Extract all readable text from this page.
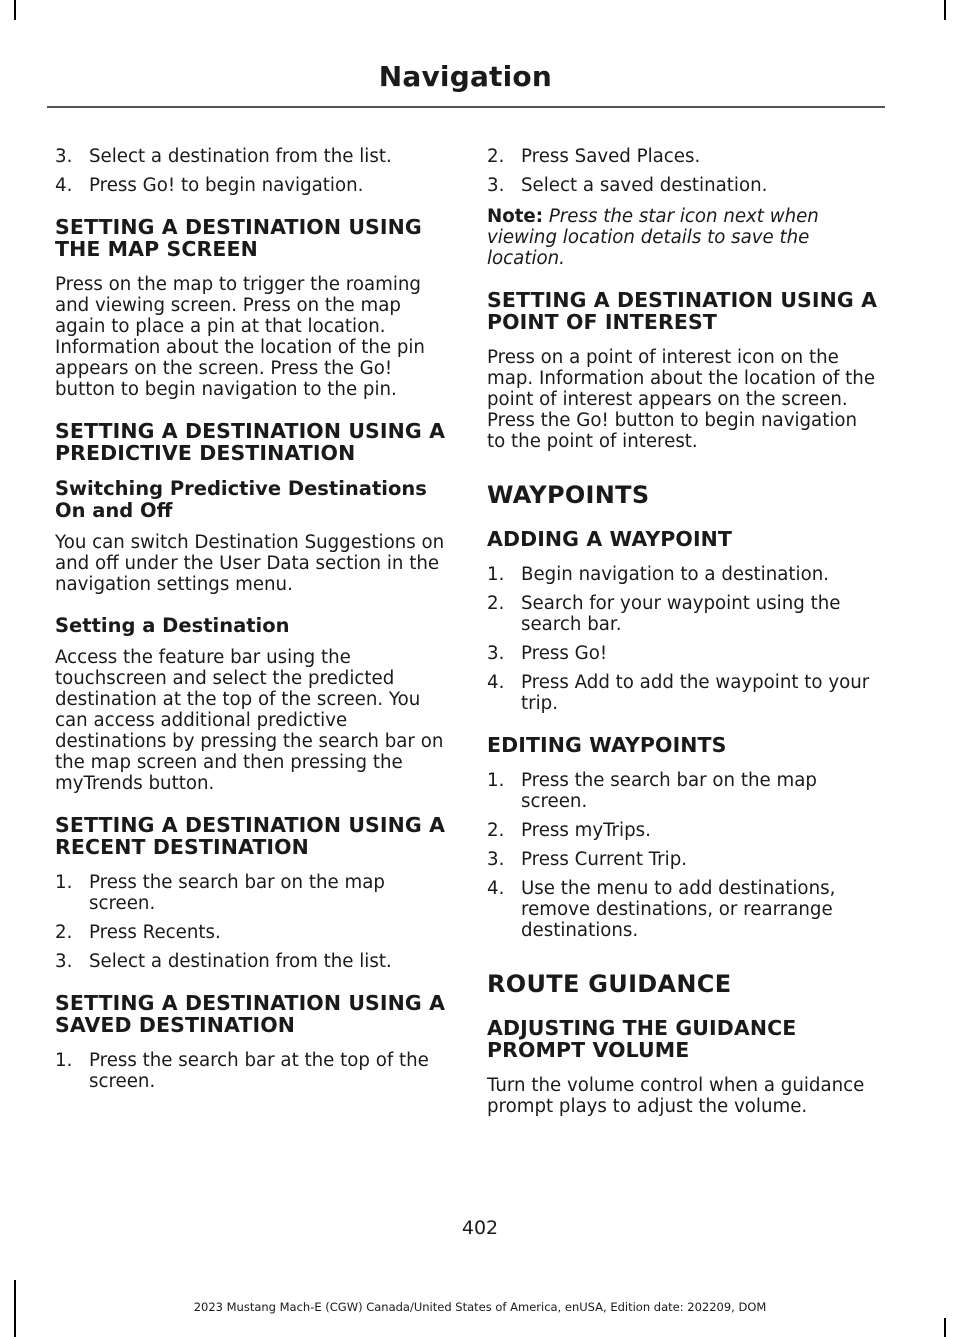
Navigation
3. Select a destination from the list.
4. Press Go! to begin navigation.
SETTING A DESTINATION USING THE MAP SCREEN

Press on the map to trigger the roaming and viewing screen. Press on the map again to place a pin at that location. Information about the location of the pin appears on the screen. Press the Go! button to begin navigation to the pin.

SETTING A DESTINATION USING A PREDICTIVE DESTINATION
Switching Predictive Destinations On and Off

You can switch Destination Suggestions on and off under the User Data section in the navigation settings menu.

Setting a Destination

Access the feature bar using the touchscreen and select the predicted destination at the top of the screen. You can access additional predictive destinations by pressing the search bar on the map screen and then pressing the myTrends button.

SETTING A DESTINATION USING A RECENT DESTINATION
1. Press the search bar on the map screen.
2. Press Recents.
3. Select a destination from the list.
SETTING A DESTINATION USING A SAVED DESTINATION
1. Press the search bar at the top of the screen.
2. Press Saved Places.
3. Select a saved destination.

Note: Press the star icon next when viewing location details to save the location.

SETTING A DESTINATION USING A POINT OF INTEREST

Press on a point of interest icon on the map. Information about the location of the point of interest appears on the screen. Press the Go! button to begin navigation to the point of interest.

WAYPOINTS
ADDING A WAYPOINT
1. Begin navigation to a destination.
2. Search for your waypoint using the search bar.
3. Press Go!
4. Press Add to add the waypoint to your trip.
EDITING WAYPOINTS
1. Press the search bar on the map screen.
2. Press myTrips.
3. Press Current Trip.
4. Use the menu to add destinations, remove destinations, or rearrange destinations.
ROUTE GUIDANCE
ADJUSTING THE GUIDANCE PROMPT VOLUME

Turn the volume control when a guidance prompt plays to adjust the volume.

402
2023 Mustang Mach-E (CGW) Canada/United States of America, enUSA, Edition date: 202209, DOM
